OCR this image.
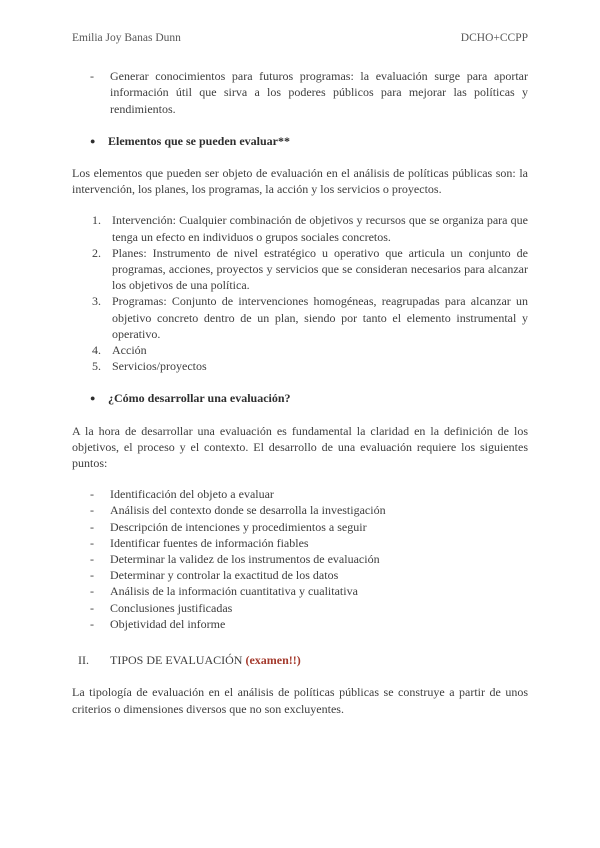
Emilia Joy Banas Dunn	DCHO+CCPP
-	Generar conocimientos para futuros programas: la evaluación surge para aportar información útil que sirva a los poderes públicos para mejorar las políticas y rendimientos.

●	Elementos que se pueden evaluar**

Los elementos que pueden ser objeto de evaluación en el análisis de políticas públicas son: la intervención, los planes, los programas, la acción y los servicios o proyectos.

1. Intervención: Cualquier combinación de objetivos y recursos que se organiza para que tenga un efecto en individuos o grupos sociales concretos.

2. Planes: Instrumento de nivel estratégico u operativo que articula un conjunto de programas, acciones, proyectos y servicios que se consideran necesarios para alcanzar los objetivos de una política.

3. Programas: Conjunto de intervenciones homogéneas, reagrupadas para alcanzar un objetivo concreto dentro de un plan, siendo por tanto el elemento instrumental y operativo.

4. Acción

5. Servicios/proyectos

●	¿Cómo desarrollar una evaluación?

A la hora de desarrollar una evaluación es fundamental la claridad en la definición de los objetivos, el proceso y el contexto. El desarrollo de una evaluación requiere los siguientes puntos:

-	Identificación del objeto a evaluar

-	Análisis del contexto donde se desarrolla la investigación

-	Descripción de intenciones y procedimientos a seguir

-	Identificar fuentes de información fiables

-	Determinar la validez de los instrumentos de evaluación

-	Determinar y controlar la exactitud de los datos

-	Análisis de la información cuantitativa y cualitativa

-	Conclusiones justificadas

-	Objetividad del informe

II.	TIPOS DE EVALUACIÓN (examen!!)

La tipología de evaluación en el análisis de políticas públicas se construye a partir de unos criterios o dimensiones diversos que no son excluyentes.
